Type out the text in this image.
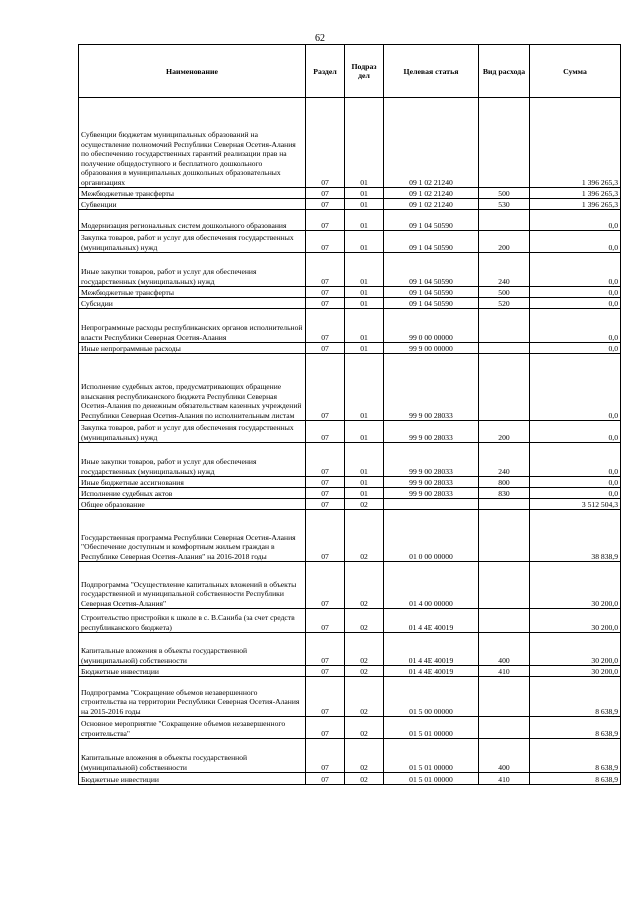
62
Наименование	Раздел	Подраз дел	Целевая статья	Вид расхода	Сумма
Субвенции бюджетам муниципальных образований на осуществление полномочий Республики Северная Осетия-Алания по обеспечению государственных гарантий реализации прав на получение общедоступного и бесплатного дошкольного образования в муниципальных дошкольных образовательных организациях	07	01	09 1 02 21240		1 396 265,3
Межбюджетные трансферты	07	01	09 1 02 21240	500	1 396 265,3
Субвенции	07	01	09 1 02 21240	530	1 396 265,3
Модернизация региональных систем дошкольного образования	07	01	09 1 04 50590		0,0
Закупка товаров, работ и услуг для обеспечения государственных (муниципальных) нужд	07	01	09 1 04 50590	200	0,0
Иные закупки товаров, работ и услуг для обеспечения государственных (муниципальных) нужд	07	01	09 1 04 50590	240	0,0
Межбюджетные трансферты	07	01	09 1 04 50590	500	0,0
Субсидии	07	01	09 1 04 50590	520	0,0
Непрограммные расходы республиканских органов исполнительной власти Республики Северная Осетия-Алания	07	01	99 0 00 00000		0,0
Иные непрограммные расходы	07	01	99 9 00 00000		0,0
Исполнение судебных актов, предусматривающих обращение взыскания республиканского бюджета Республики Северная Осетия-Алания по денежным обязательствам казенных учреждений Республики Северная Осетия-Алания по исполнительным листам	07	01	99 9 00 28033		0,0
Закупка товаров, работ и услуг для обеспечения государственных (муниципальных) нужд	07	01	99 9 00 28033	200	0,0
Иные закупки товаров, работ и услуг для обеспечения государственных (муниципальных) нужд	07	01	99 9 00 28033	240	0,0
Иные бюджетные ассигнования	07	01	99 9 00 28033	800	0,0
Исполнение судебных актов	07	01	99 9 00 28033	830	0,0
Общее образование	07	02			3 512 504,3
Государственная программа Республики Северная Осетия-Алания "Обеспечение доступным и комфортным жильем граждан в Республике Северная Осетия-Алания" на 2016-2018 годы	07	02	01 0 00 00000		38 838,9
Подпрограмма "Осуществление капитальных вложений в объекты государственной и муниципальной собственности Республики Северная Осетия-Алания"	07	02	01 4 00 00000		30 200,0
Строительство пристройки к школе в с. В.Саниба (за счет средств республиканского бюджета)	07	02	01 4 4E 40019		30 200,0
Капитальные вложения в объекты государственной (муниципальной) собственности	07	02	01 4 4E 40019	400	30 200,0
Бюджетные инвестиции	07	02	01 4 4E 40019	410	30 200,0
Подпрограмма "Сокращение объемов незавершенного строительства на территории Республики Северная Осетия-Алания на 2015-2016 годы	07	02	01 5 00 00000		8 638,9
Основное мероприятие "Сокращение объемов незавершенного строительства"	07	02	01 5 01 00000		8 638,9
Капитальные вложения в объекты государственной (муниципальной) собственности	07	02	01 5 01 00000	400	8 638,9
Бюджетные инвестиции	07	02	01 5 01 00000	410	8 638,9
